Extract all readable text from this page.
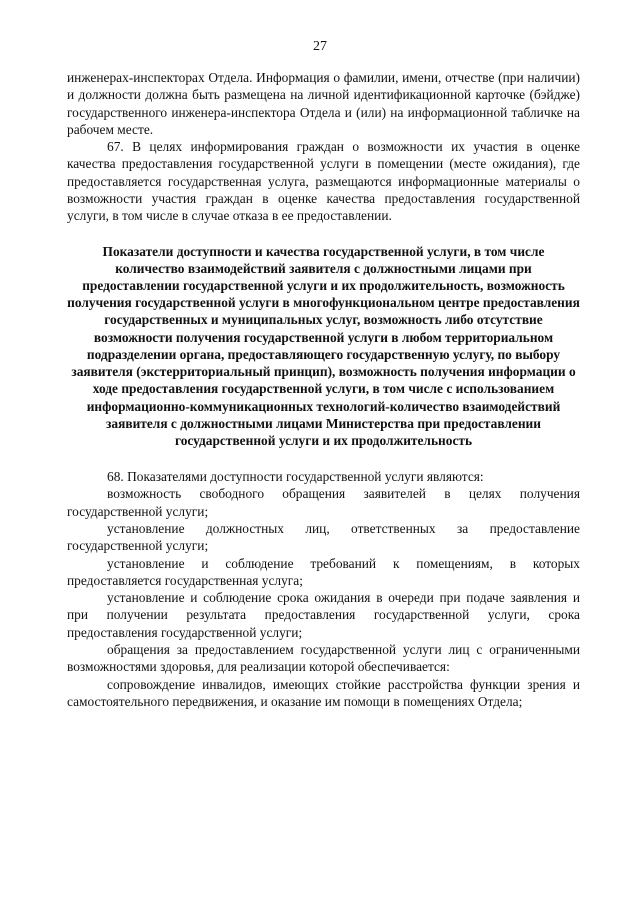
27

инженерах-инспекторах Отдела. Информация о фамилии, имени, отчестве (при наличии) и должности должна быть размещена на личной идентификационной карточке (бэйдже) государственного инженера-инспектора Отдела и (или) на информационной табличке на рабочем месте.

67. В целях информирования граждан о возможности их участия в оценке качества предоставления государственной услуги в помещении (месте ожидания), где предоставляется государственная услуга, размещаются информационные материалы о возможности участия граждан в оценке качества предоставления государственной услуги, в том числе в случае отказа в ее предоставлении.

Показатели доступности и качества государственной услуги, в том числе количество взаимодействий заявителя с должностными лицами при предоставлении государственной услуги и их продолжительность, возможность получения государственной услуги в многофункциональном центре предоставления государственных и муниципальных услуг, возможность либо отсутствие возможности получения государственной услуги в любом территориальном подразделении органа, предоставляющего государственную услугу, по выбору заявителя (экстерриториальный принцип), возможность получения информации о ходе предоставления государственной услуги, в том числе с использованием информационно-коммуникационных технологий-количество взаимодействий заявителя с должностными лицами Министерства при предоставлении государственной услуги и их продолжительность

68. Показателями доступности государственной услуги являются:

возможность свободного обращения заявителей в целях получения государственной услуги;

установление должностных лиц, ответственных за предоставление государственной услуги;

установление и соблюдение требований к помещениям, в которых предоставляется государственная услуга;

установление и соблюдение срока ожидания в очереди при подаче заявления и при получении результата предоставления государственной услуги, срока предоставления государственной услуги;

обращения за предоставлением государственной услуги лиц с ограниченными возможностями здоровья, для реализации которой обеспечивается:

сопровождение инвалидов, имеющих стойкие расстройства функции зрения и самостоятельного передвижения, и оказание им помощи в помещениях Отдела;
